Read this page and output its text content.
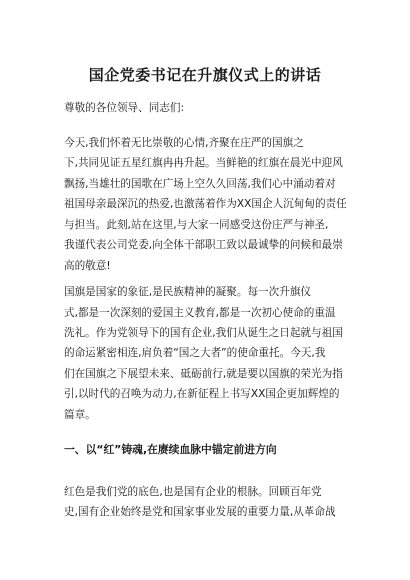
国企党委书记在升旗仪式上的讲话
尊敬的各位领导、同志们:
今天,我们怀着无比崇敬的心情,齐聚在庄严的国旗之
下,共同见证五星红旗冉冉升起。当鲜艳的红旗在晨光中迎风
飘扬,当雄壮的国歌在广场上空久久回荡,我们心中涌动着对
祖国母亲最深沉的热爱,也激荡着作为XX国企人沉甸甸的责任
与担当。此刻,站在这里,与大家一同感受这份庄严与神圣,
我谨代表公司党委,向全体干部职工致以最诚挚的问候和最崇
高的敬意!
国旗是国家的象征,是民族精神的凝聚。每一次升旗仪
式,都是一次深刻的爱国主义教育,都是一次初心使命的重温
洗礼。作为党领导下的国有企业,我们从诞生之日起就与祖国
的命运紧密相连,肩负着“国之大者”的使命重托。今天,我
们在国旗之下展望未来、砥砺前行,就是要以国旗的荣光为指
引,以时代的召唤为动力,在新征程上书写XX国企更加辉煌的
篇章。
一、以“红”铸魂,在赓续血脉中锚定前进方向
红色是我们党的底色,也是国有企业的根脉。回顾百年党
史,国有企业始终是党和国家事业发展的重要力量,从革命战
